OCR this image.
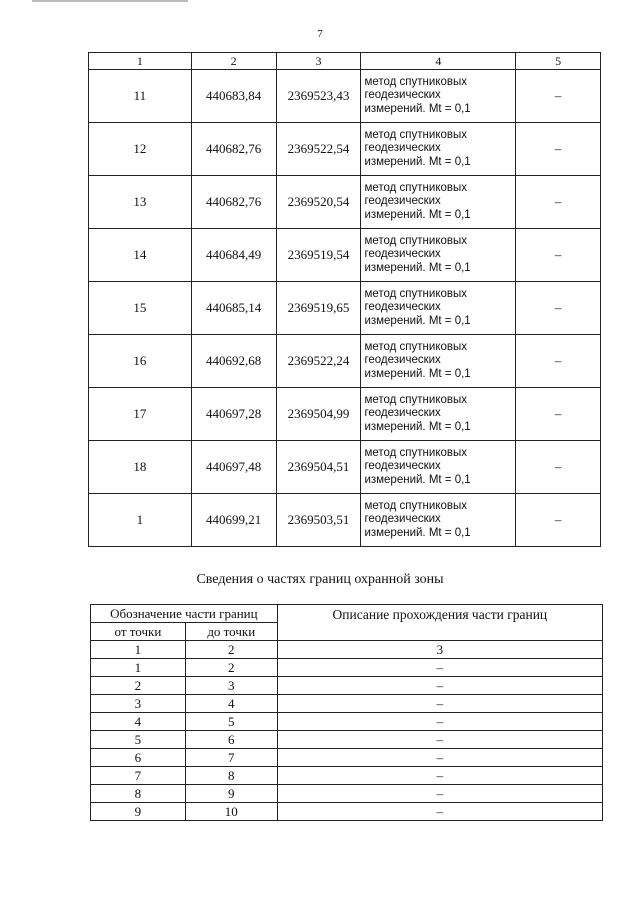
7
1	2	3	4	5
11	440683,84	2369523,43	метод спутниковых
геодезических
измерений. Mt = 0,1	–
12	440682,76	2369522,54	метод спутниковых
геодезических
измерений. Mt = 0,1	–
13	440682,76	2369520,54	метод спутниковых
геодезических
измерений. Mt = 0,1	–
14	440684,49	2369519,54	метод спутниковых
геодезических
измерений. Mt = 0,1	–
15	440685,14	2369519,65	метод спутниковых
геодезических
измерений. Mt = 0,1	–
16	440692,68	2369522,24	метод спутниковых
геодезических
измерений. Mt = 0,1	–
17	440697,28	2369504,99	метод спутниковых
геодезических
измерений. Mt = 0,1	–
18	440697,48	2369504,51	метод спутниковых
геодезических
измерений. Mt = 0,1	–
1	440699,21	2369503,51	метод спутниковых
геодезических
измерений. Mt = 0,1	–
Сведения о частях границ охранной зоны
Обозначение части границ		Описание прохождения части границ
от точки	до точки	
1	2	3
1	2	–
2	3	–
3	4	–
4	5	–
5	6	–
6	7	–
7	8	–
8	9	–
9	10	–
